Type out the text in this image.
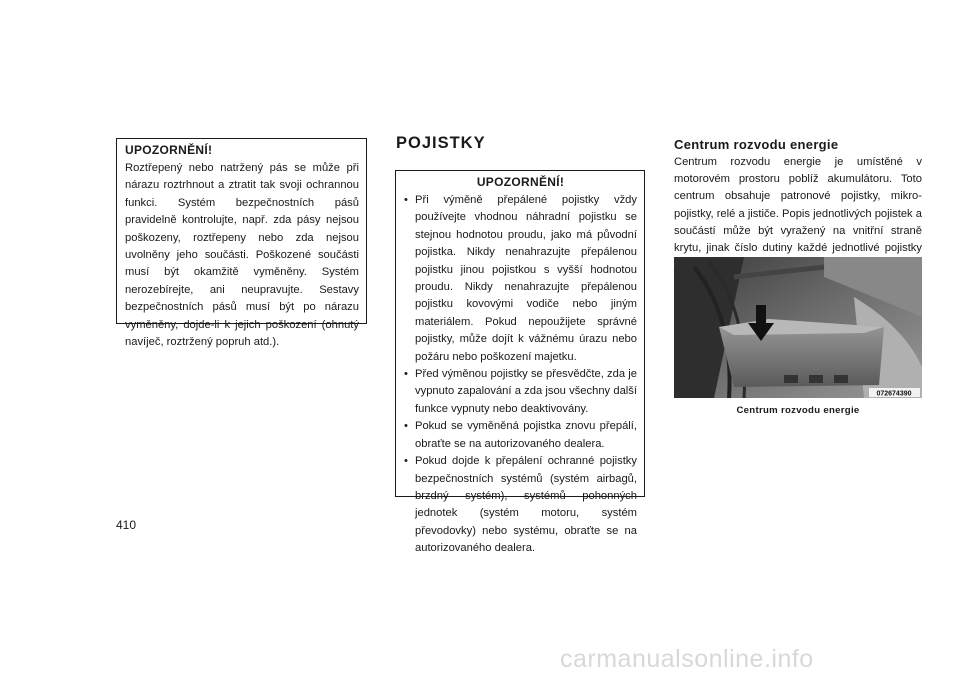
UPOZORNĚNÍ!
Roztřepený nebo natržený pás se může při nárazu roztrhnout a ztratit tak svoji ochrannou funkci. Systém bezpečnostních pásů pravidelně kontrolujte, např. zda pásy nejsou poškozeny, roztřepeny nebo zda nejsou uvolněny jeho součásti. Poškozené součásti musí být okamžitě vyměněny. Systém nerozebírejte, ani neupravujte. Sestavy bezpečnostních pásů musí být po nárazu vyměněny, dojde-li k jejich poškození (ohnutý navíječ, roztržený popruh atd.).
POJISTKY
UPOZORNĚNÍ!
• Při výměně přepálené pojistky vždy používejte vhodnou náhradní pojistku se stejnou hodnotou proudu, jako má původní pojistka. Nikdy nenahrazujte přepálenou pojistku jinou pojistkou s vyšší hodnotou proudu. Nikdy nenahrazujte přepálenou pojistku kovovými vodiče nebo jiným materiálem. Pokud nepoužijete správné pojistky, může dojít k vážnému úrazu nebo požáru nebo poškození majetku.
• Před výměnou pojistky se přesvědčte, zda je vypnuto zapalování a zda jsou všechny další funkce vypnuty nebo deaktivovány.
• Pokud se vyměněná pojistka znovu přepálí, obraťte se na autorizovaného dealera.
• Pokud dojde k přepálení ochranné pojistky bezpečnostních systémů (systém airbagů, brzdný systém), systémů pohonných jednotek (systém motoru, systém převodovky) nebo systému, obraťte se na autorizovaného dealera.
Centrum rozvodu energie
Centrum rozvodu energie je umístěné v motorovém prostoru poblíž akumulátoru. Toto centrum obsahuje patronové pojistky, mikro-pojistky, relé a jističe. Popis jednotlivých pojistek a součástí může být vyražený na vnitřní straně krytu, jinak číslo dutiny každé jednotlivé pojistky
072674390
Centrum rozvodu energie
410
carmanualsonline.info
